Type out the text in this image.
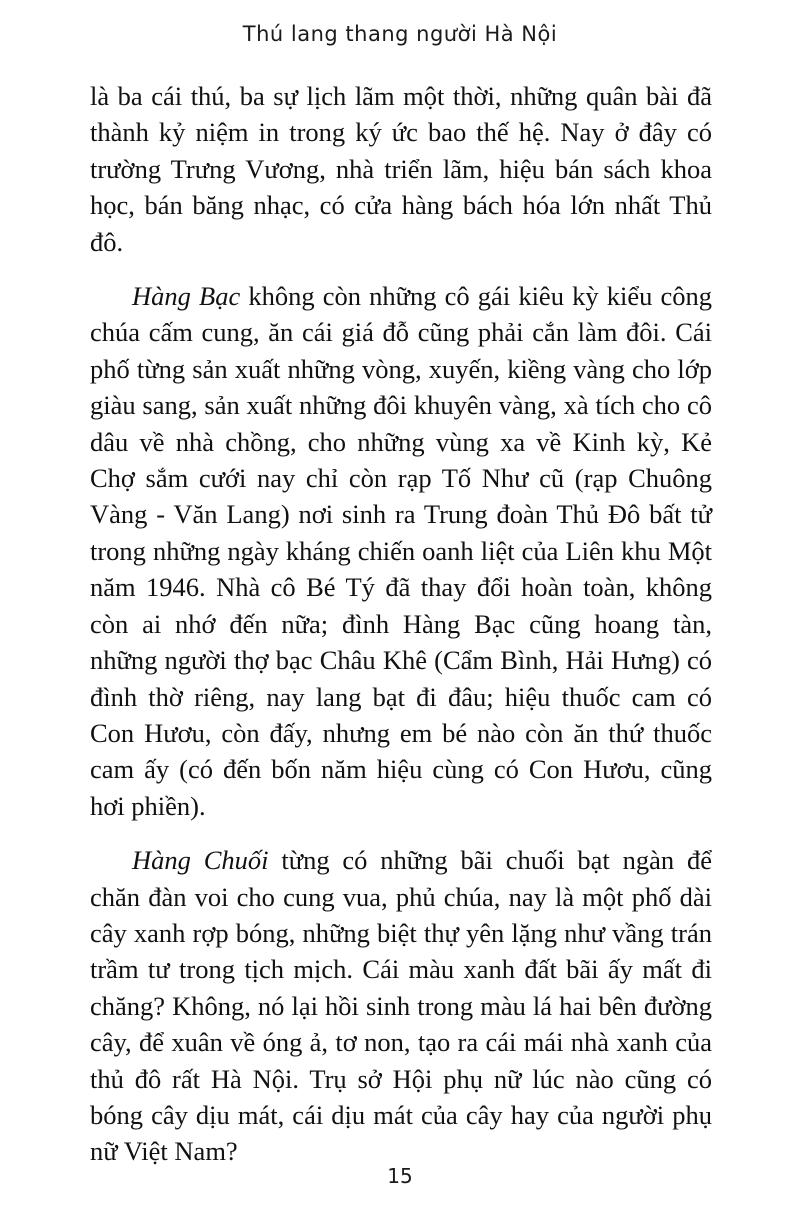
Thú lang thang người Hà Nội

là ba cái thú, ba sự lịch lãm một thời, những quân bài đã thành kỷ niệm in trong ký ức bao thế hệ. Nay ở đây có trường Trưng Vương, nhà triển lãm, hiệu bán sách khoa học, bán băng nhạc, có cửa hàng bách hóa lớn nhất Thủ đô.

Hàng Bạc không còn những cô gái kiêu kỳ kiểu công chúa cấm cung, ăn cái giá đỗ cũng phải cắn làm đôi. Cái phố từng sản xuất những vòng, xuyến, kiềng vàng cho lớp giàu sang, sản xuất những đôi khuyên vàng, xà tích cho cô dâu về nhà chồng, cho những vùng xa về Kinh kỳ, Kẻ Chợ sắm cưới nay chỉ còn rạp Tố Như cũ (rạp Chuông Vàng - Văn Lang) nơi sinh ra Trung đoàn Thủ Đô bất tử trong những ngày kháng chiến oanh liệt của Liên khu Một năm 1946. Nhà cô Bé Tý đã thay đổi hoàn toàn, không còn ai nhớ đến nữa; đình Hàng Bạc cũng hoang tàn, những người thợ bạc Châu Khê (Cẩm Bình, Hải Hưng) có đình thờ riêng, nay lang bạt đi đâu; hiệu thuốc cam có Con Hươu, còn đấy, nhưng em bé nào còn ăn thứ thuốc cam ấy (có đến bốn năm hiệu cùng có Con Hươu, cũng hơi phiền).

Hàng Chuối từng có những bãi chuối bạt ngàn để chăn đàn voi cho cung vua, phủ chúa, nay là một phố dài cây xanh rợp bóng, những biệt thự yên lặng như vầng trán trầm tư trong tịch mịch. Cái màu xanh đất bãi ấy mất đi chăng? Không, nó lại hồi sinh trong màu lá hai bên đường cây, để xuân về óng ả, tơ non, tạo ra cái mái nhà xanh của thủ đô rất Hà Nội. Trụ sở Hội phụ nữ lúc nào cũng có bóng cây dịu mát, cái dịu mát của cây hay của người phụ nữ Việt Nam?

15
